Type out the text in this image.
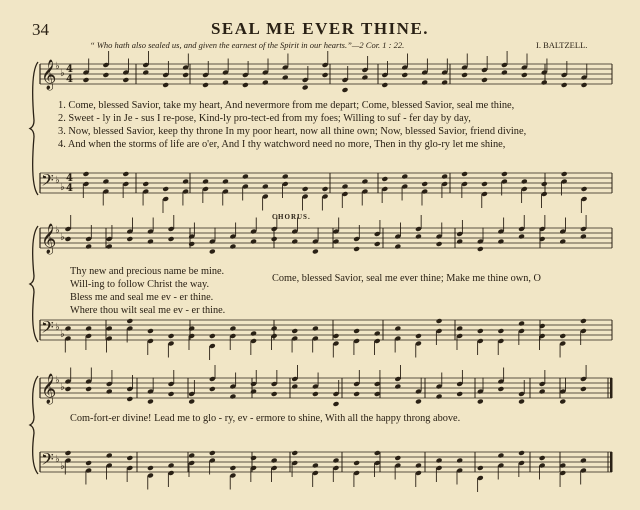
𝄞
♭
♭
𝄢 ♭
♭
𝄞
♭
♭
𝄢 ♭
♭
𝄞
♭
♭
𝄢 ♭
♭
4
4
4
4
34	SEAL ME EVER THINE.
“ Who hath also sealed us, and given the earnest of the Spirit in our hearts.”—2 Cor. 1 : 22.	I. BALTZELL.
1. Come, blessed Savior, take my heart, And nevermore from me depart; Come, blessed Savior, seal me thine,
2. Sweet - ly in Je - sus I re-pose, Kind-ly pro-tect-ed from my foes; Willing to suf - fer day by day,
3. Now, blessed Savior, keep thy throne In my poor heart, now all thine own; Now, blessed Savior, friend divine,
4. And when the storms of life are o'er, And I thy watchword need no more, Then in thy glo-ry let me shine,
CHORUS.
Thy new and precious name be mine.
Will-ing to follow Christ the way.
Bless me and seal me ev - er thine.
Where thou wilt seal me ev - er thine.
Come, blessed Savior, seal me ever thine; Make me thine own, O
Com-fort-er divine! Lead me to glo - ry, ev - ermore to shine, With all the happy throng above.
